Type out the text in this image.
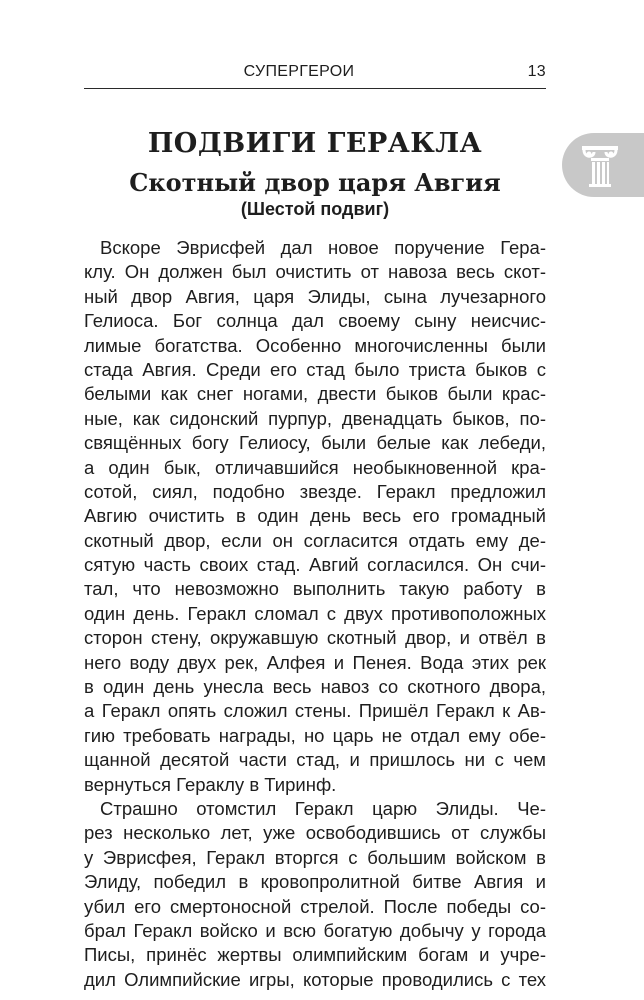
СУПЕРГЕРОИ	13
ПОДВИГИ ГЕРАКЛА
Скотный двор царя Авгия
(Шестой подвиг)
Вскоре Эврисфей дал новое поручение Гера-
клу. Он должен был очистить от навоза весь скот-
ный двор Авгия, царя Элиды, сына лучезарного
Гелиоса. Бог солнца дал своему сыну неисчис-
лимые богатства. Особенно многочисленны были
стада Авгия. Среди его стад было триста быков с
белыми как снег ногами, двести быков были крас-
ные, как сидонский пурпур, двенадцать быков, по-
свящённых богу Гелиосу, были белые как лебеди,
а один бык, отличавшийся необыкновенной кра-
сотой, сиял, подобно звезде. Геракл предложил
Авгию очистить в один день весь его громадный
скотный двор, если он согласится отдать ему де-
сятую часть своих стад. Авгий согласился. Он счи-
тал, что невозможно выполнить такую работу в
один день. Геракл сломал с двух противоположных
сторон стену, окружавшую скотный двор, и отвёл в
него воду двух рек, Алфея и Пенея. Вода этих рек
в один день унесла весь навоз со скотного двора,
а Геракл опять сложил стены. Пришёл Геракл к Ав-
гию требовать награды, но царь не отдал ему обе-
щанной десятой части стад, и пришлось ни с чем
вернуться Гераклу в Тиринф.
Страшно отомстил Геракл царю Элиды. Че-
рез несколько лет, уже освободившись от службы
у Эврисфея, Геракл вторгся с большим войском в
Элиду, победил в кровопролитной битве Авгия и
убил его смертоносной стрелой. После победы со-
брал Геракл войско и всю богатую добычу у города
Писы, принёс жертвы олимпийским богам и учре-
дил Олимпийские игры, которые проводились с тех
